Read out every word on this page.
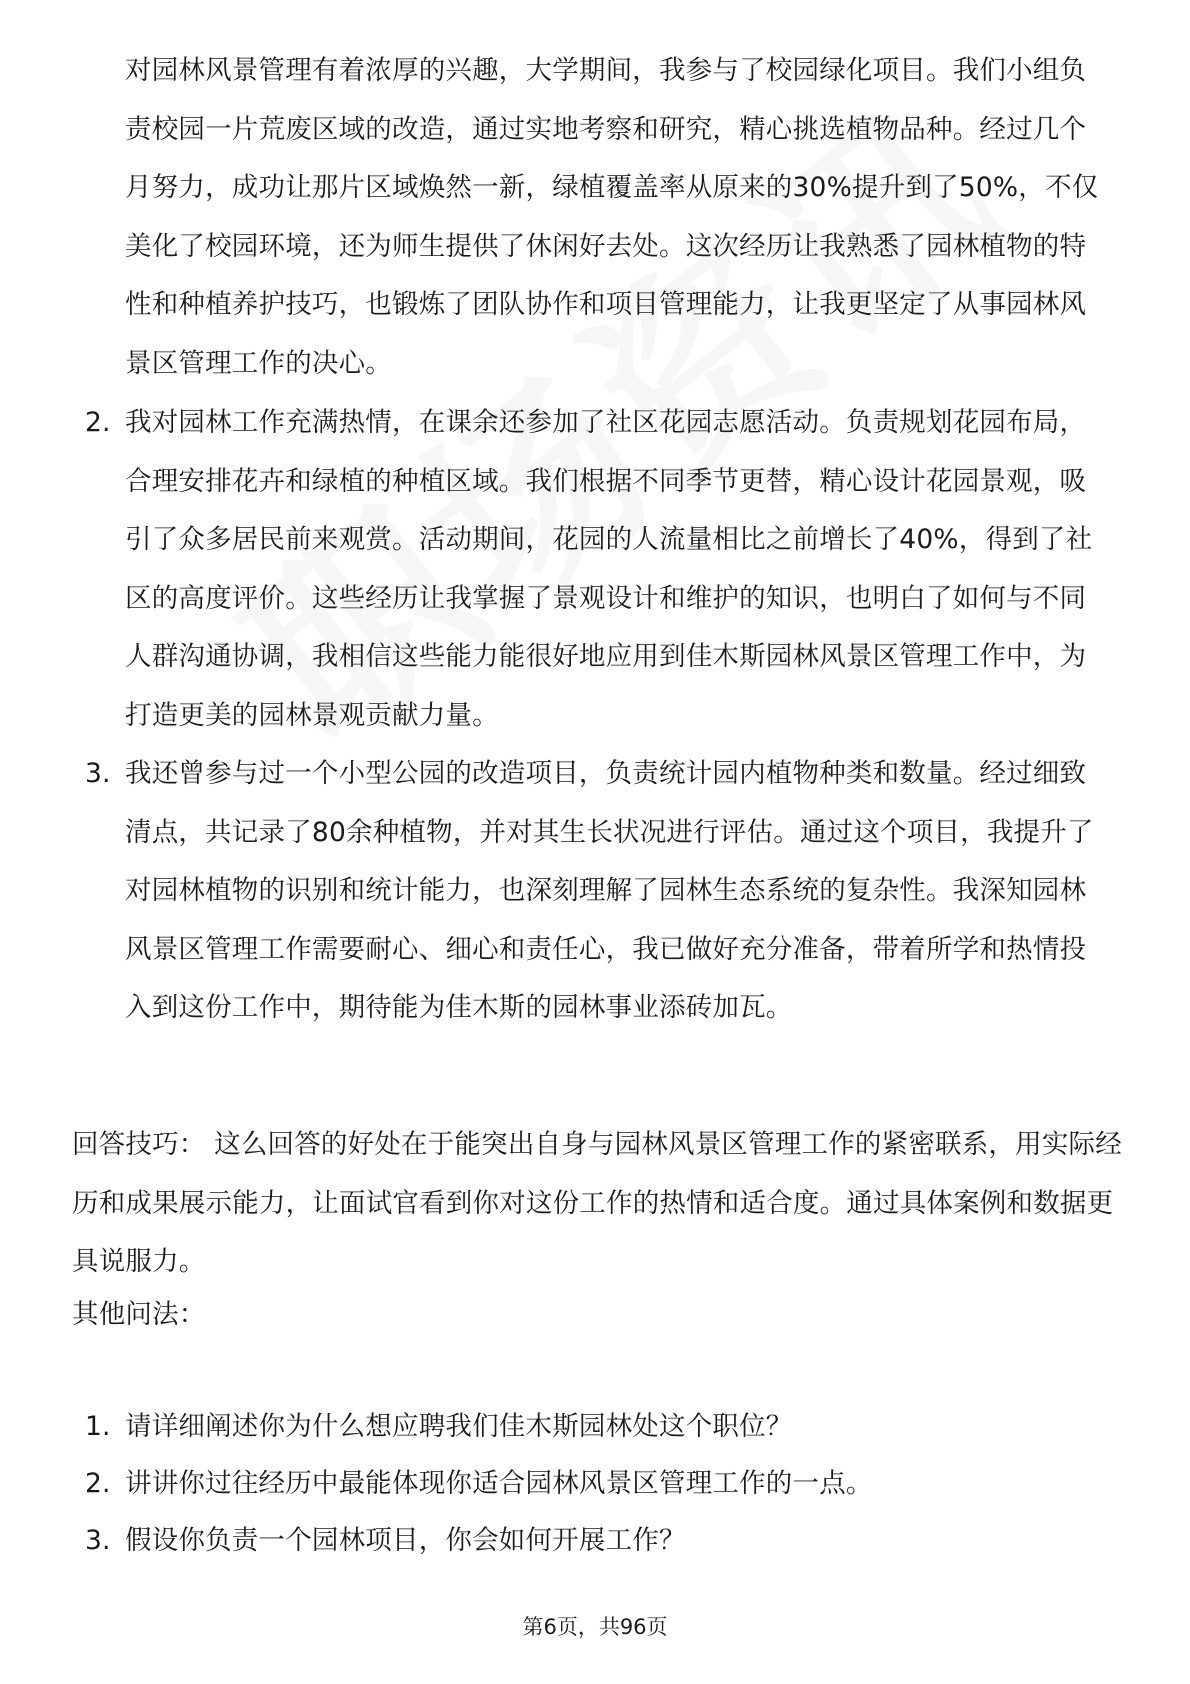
对园林风景管理有着浓厚的兴趣，大学期间，我参与了校园绿化项目。我们小组负责校园一片荒废区域的改造，通过实地考察和研究，精心挑选植物品种。经过几个月努力，成功让那片区域焕然一新，绿植覆盖率从原来的30%提升到了50%，不仅美化了校园环境，还为师生提供了休闲好去处。这次经历让我熟悉了园林植物的特性和种植养护技巧，也锻炼了团队协作和项目管理能力，让我更坚定了从事园林风景区管理工作的决心。

2. 我对园林工作充满热情，在课余还参加了社区花园志愿活动。负责规划花园布局，合理安排花卉和绿植的种植区域。我们根据不同季节更替，精心设计花园景观，吸引了众多居民前来观赏。活动期间，花园的人流量相比之前增长了40%，得到了社区的高度评价。这些经历让我掌握了景观设计和维护的知识，也明白了如何与不同人群沟通协调，我相信这些能力能很好地应用到佳木斯园林风景区管理工作中，为打造更美的园林景观贡献力量。
3. 我还曾参与过一个小型公园的改造项目，负责统计园内植物种类和数量。经过细致清点，共记录了80余种植物，并对其生长状况进行评估。通过这个项目，我提升了对园林植物的识别和统计能力，也深刻理解了园林生态系统的复杂性。我深知园林风景区管理工作需要耐心、细心和责任心，我已做好充分准备，带着所学和热情投入到这份工作中，期待能为佳木斯的园林事业添砖加瓦。

回答技巧： 这么回答的好处在于能突出自身与园林风景区管理工作的紧密联系，用实际经历和成果展示能力，让面试官看到你对这份工作的热情和适合度。通过具体案例和数据更具说服力。

其他问法：

1. 请详细阐述你为什么想应聘我们佳木斯园林处这个职位？
2. 讲讲你过往经历中最能体现你适合园林风景区管理工作的一点。
3. 假设你负责一个园林项目，你会如何开展工作？
第6页，共96页
